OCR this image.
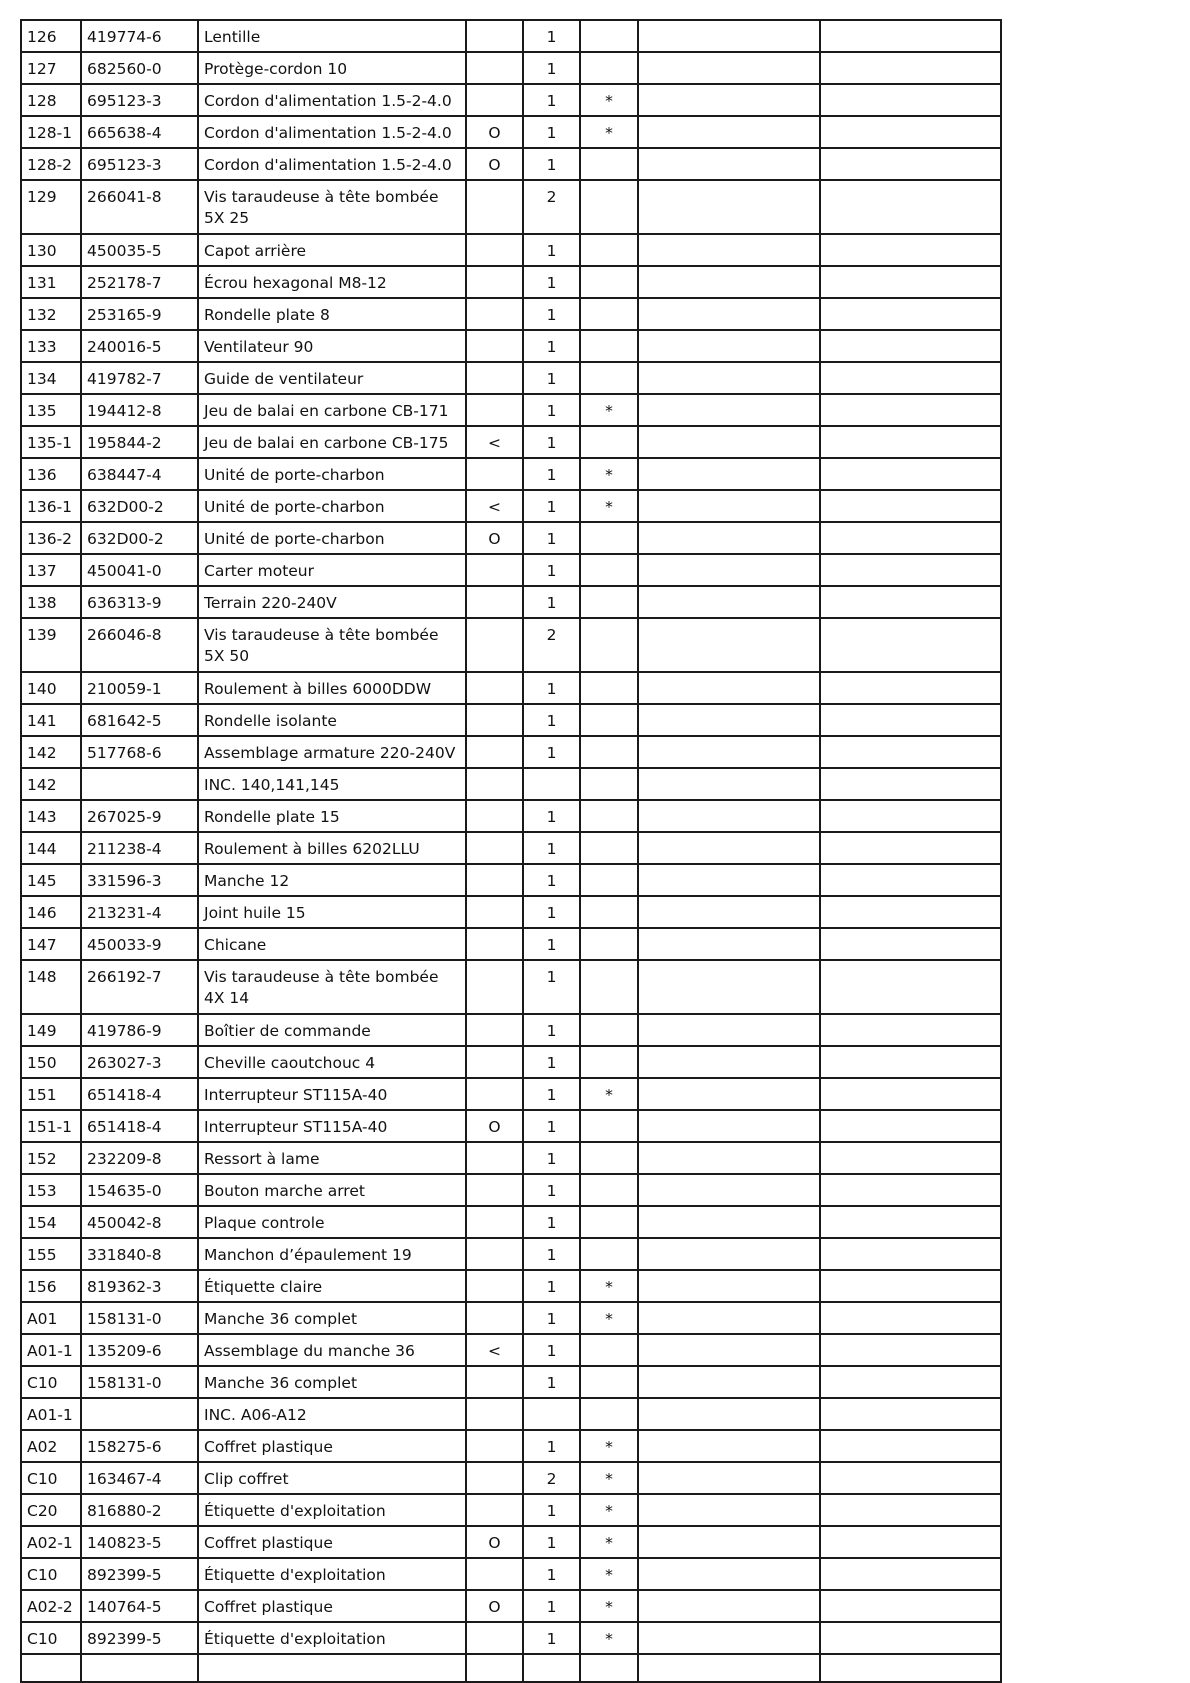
126	419774-6	Lentille		1			
127	682560-0	Protège-cordon 10		1			
128	695123-3	Cordon d'alimentation 1.5-2-4.0		1	*		
128-1	665638-4	Cordon d'alimentation 1.5-2-4.0	O	1	*		
128-2	695123-3	Cordon d'alimentation 1.5-2-4.0	O	1			
129	266041-8	Vis taraudeuse à tête bombée 5X 25		2			
130	450035-5	Capot arrière		1			
131	252178-7	Écrou hexagonal M8-12		1			
132	253165-9	Rondelle plate 8		1			
133	240016-5	Ventilateur 90		1			
134	419782-7	Guide de ventilateur		1			
135	194412-8	Jeu de balai en carbone CB-171		1	*		
135-1	195844-2	Jeu de balai en carbone CB-175	<	1			
136	638447-4	Unité de porte-charbon		1	*		
136-1	632D00-2	Unité de porte-charbon	<	1	*		
136-2	632D00-2	Unité de porte-charbon	O	1			
137	450041-0	Carter moteur		1			
138	636313-9	Terrain 220-240V		1			
139	266046-8	Vis taraudeuse à tête bombée 5X 50		2			
140	210059-1	Roulement à billes 6000DDW		1			
141	681642-5	Rondelle isolante		1			
142	517768-6	Assemblage armature 220-240V		1			
142		INC. 140,141,145					
143	267025-9	Rondelle plate 15		1			
144	211238-4	Roulement à billes 6202LLU		1			
145	331596-3	Manche 12		1			
146	213231-4	Joint huile 15		1			
147	450033-9	Chicane		1			
148	266192-7	Vis taraudeuse à tête bombée 4X 14		1			
149	419786-9	Boîtier de commande		1			
150	263027-3	Cheville caoutchouc 4		1			
151	651418-4	Interrupteur ST115A-40		1	*		
151-1	651418-4	Interrupteur ST115A-40	O	1			
152	232209-8	Ressort à lame		1			
153	154635-0	Bouton marche arret		1			
154	450042-8	Plaque controle		1			
155	331840-8	Manchon d’épaulement 19		1			
156	819362-3	Étiquette claire		1	*		
A01	158131-0	Manche 36 complet		1	*		
A01-1	135209-6	Assemblage du manche 36	<	1			
C10	158131-0	Manche 36 complet		1			
A01-1		INC. A06-A12					
A02	158275-6	Coffret plastique		1	*		
C10	163467-4	Clip coffret		2	*		
C20	816880-2	Étiquette d'exploitation		1	*		
A02-1	140823-5	Coffret plastique	O	1	*		
C10	892399-5	Étiquette d'exploitation		1	*		
A02-2	140764-5	Coffret plastique	O	1	*		
C10	892399-5	Étiquette d'exploitation		1	*		
